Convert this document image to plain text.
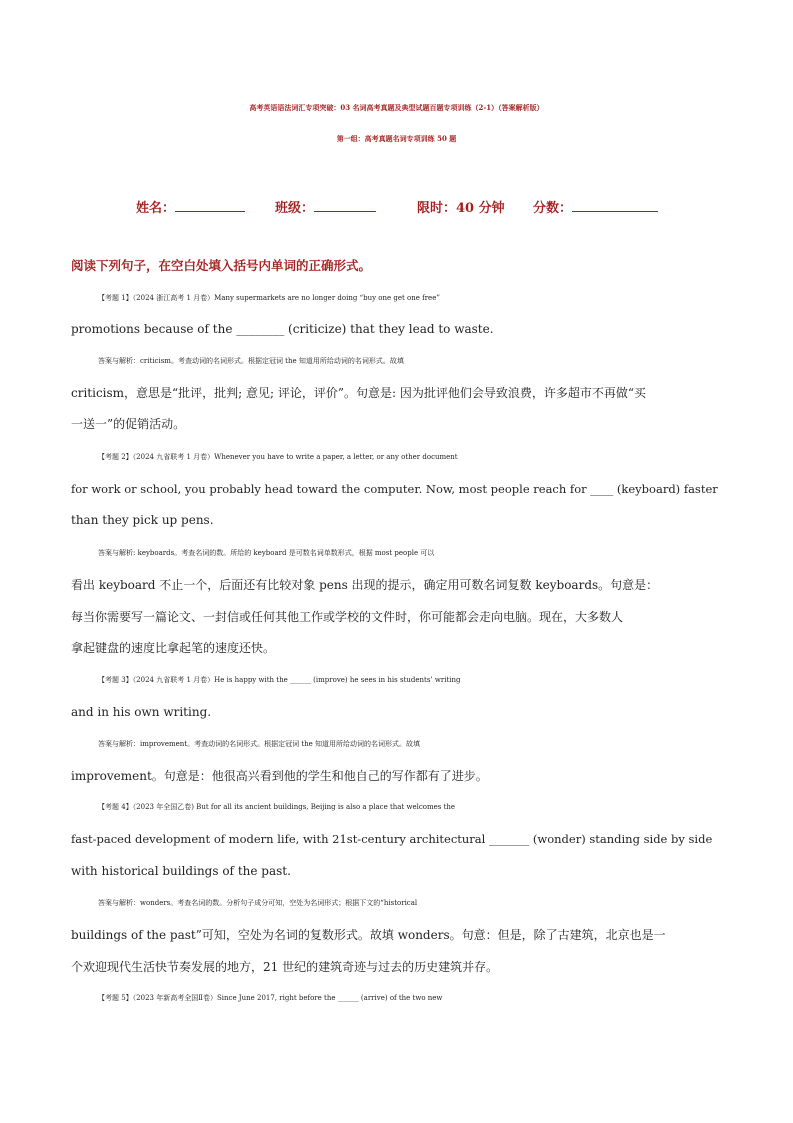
高考英语语法词汇专项突破：03 名词高考真题及典型试题百题专项训练（2-1）（答案解析版）
第一组：高考真题名词专项训练 50 题
姓名：	班级：	限时：40 分钟 分数：
阅读下列句子，在空白处填入括号内单词的正确形式。
【考题 1】（2024 浙江高考 1 月卷）Many supermarkets are no longer doing “buy one get one free”
promotions because of the ________ (criticize) that they lead to waste.
答案与解析：criticism。考查动词的名词形式。根据定冠词 the 知道用所给动词的名词形式。故填
criticism，意思是“批评，批判; 意见; 评论，评价”。句意是: 因为批评他们会导致浪费，许多超市不再做“买
一送一”的促销活动。
【考题 2】（2024 九省联考 1 月卷）Whenever you have to write a paper, a letter, or any other document
for work or school, you probably head toward the computer. Now, most people reach for ____ (keyboard) faster
than they pick up pens.
答案与解析: keyboards。考查名词的数。所给的 keyboard 是可数名词单数形式，根据 most people 可以
看出 keyboard 不止一个，后面还有比较对象 pens 出现的提示，确定用可数名词复数 keyboards。句意是：
每当你需要写一篇论文、一封信或任何其他工作或学校的文件时，你可能都会走向电脑。现在，大多数人
拿起键盘的速度比拿起笔的速度还快。
【考题 3】（2024 九省联考 1 月卷）He is happy with the ______ (improve) he sees in his students’ writing
and in his own writing.
答案与解析：improvement。考查动词的名词形式。根据定冠词 the 知道用所给动词的名词形式。故填
improvement。句意是：他很高兴看到他的学生和他自己的写作都有了进步。
【考题 4】（2023 年全国乙卷) But for all its ancient buildings, Beijing is also a place that welcomes the
fast-paced development of modern life, with 21st-century architectural _______ (wonder) standing side by side
with historical buildings of the past.
答案与解析：wonders。考查名词的数。分析句子成分可知，空处为名词形式；根据下文的“historical
buildings of the past”可知，空处为名词的复数形式。故填 wonders。句意：但是，除了古建筑，北京也是一
个欢迎现代生活快节奏发展的地方，21 世纪的建筑奇迹与过去的历史建筑并存。
【考题 5】（2023 年新高考全国Ⅱ卷）Since June 2017, right before the ______ (arrive) of the two new
